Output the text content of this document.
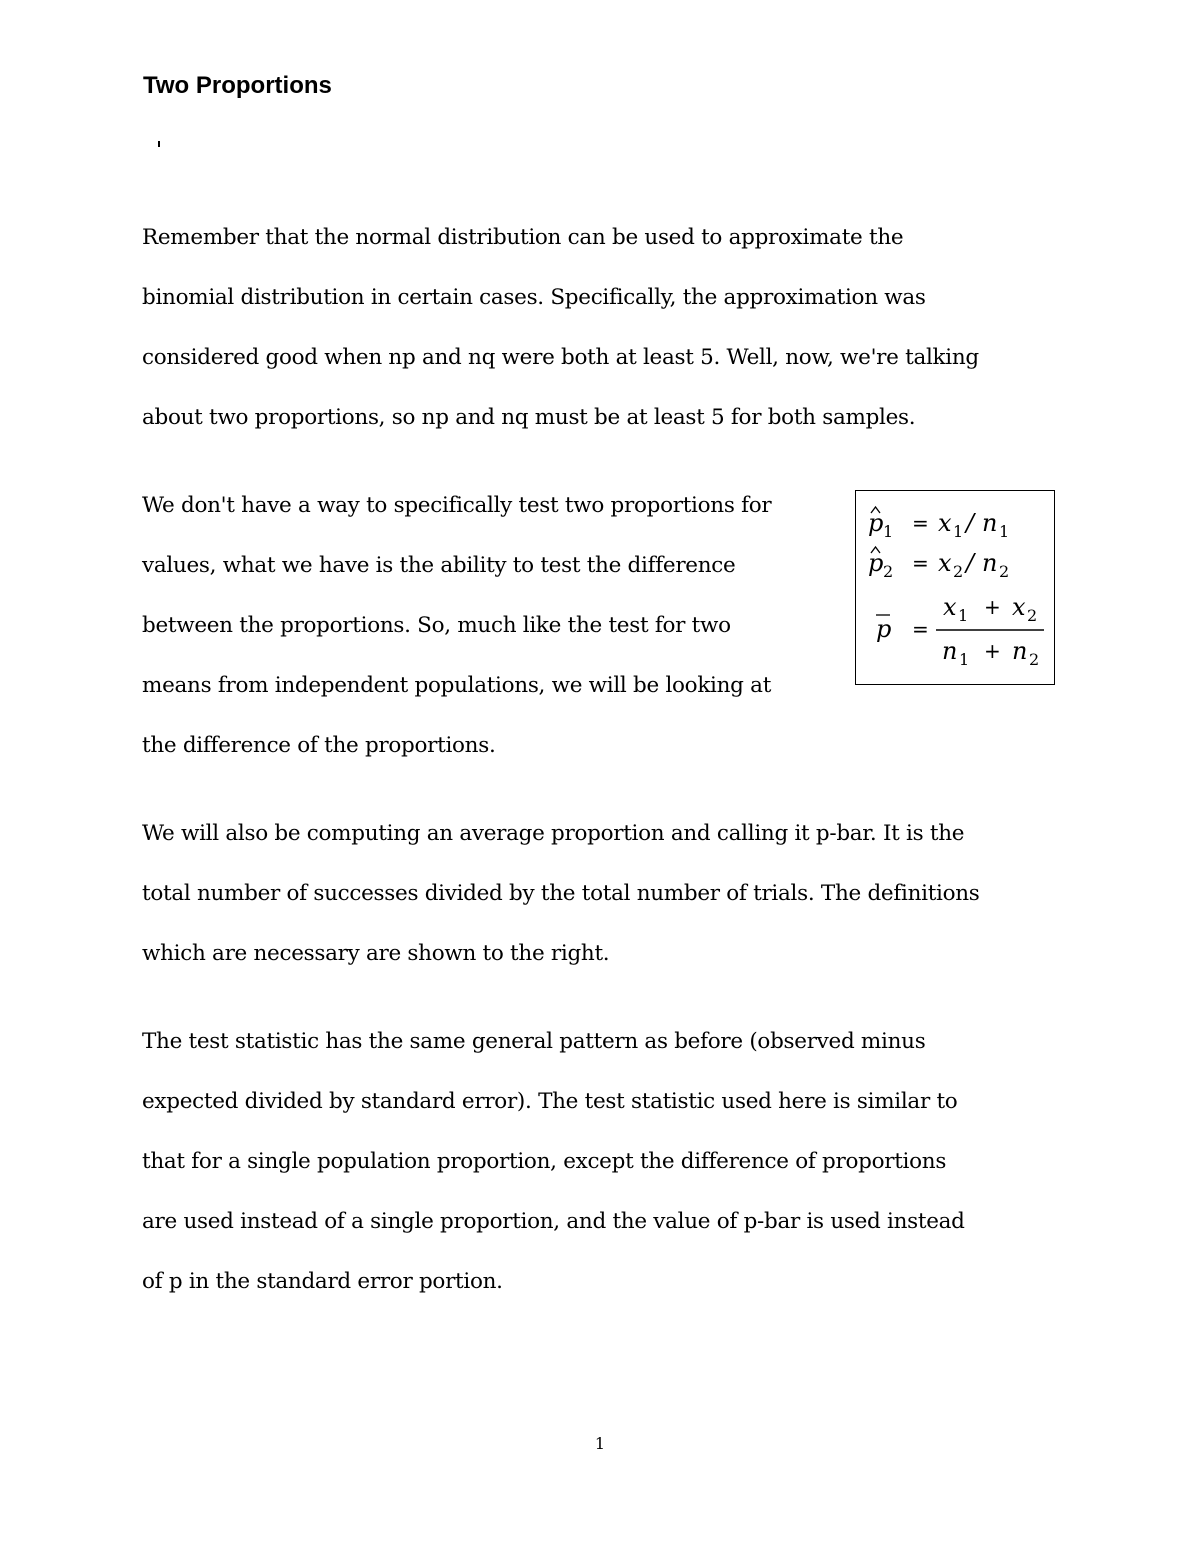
Two Proportions

Remember that the normal distribution can be used to approximate the
binomial distribution in certain cases. Specifically, the approximation was
considered good when np and nq were both at least 5. Well, now, we're talking
about two proportions, so np and nq must be at least 5 for both samples.

We don't have a way to specifically test two proportions for
values, what we have is the ability to test the difference
between the proportions. So, much like the test for two
means from independent populations, we will be looking at
the difference of the proportions.

p 1 = x 1 / n 1
p 2 = x 2 / n 2
p =
x 1 + x 2
n 1 + n 2

We will also be computing an average proportion and calling it p-bar. It is the
total number of successes divided by the total number of trials. The definitions
which are necessary are shown to the right.

The test statistic has the same general pattern as before (observed minus
expected divided by standard error). The test statistic used here is similar to
that for a single population proportion, except the difference of proportions
are used instead of a single proportion, and the value of p-bar is used instead
of p in the standard error portion.

1
